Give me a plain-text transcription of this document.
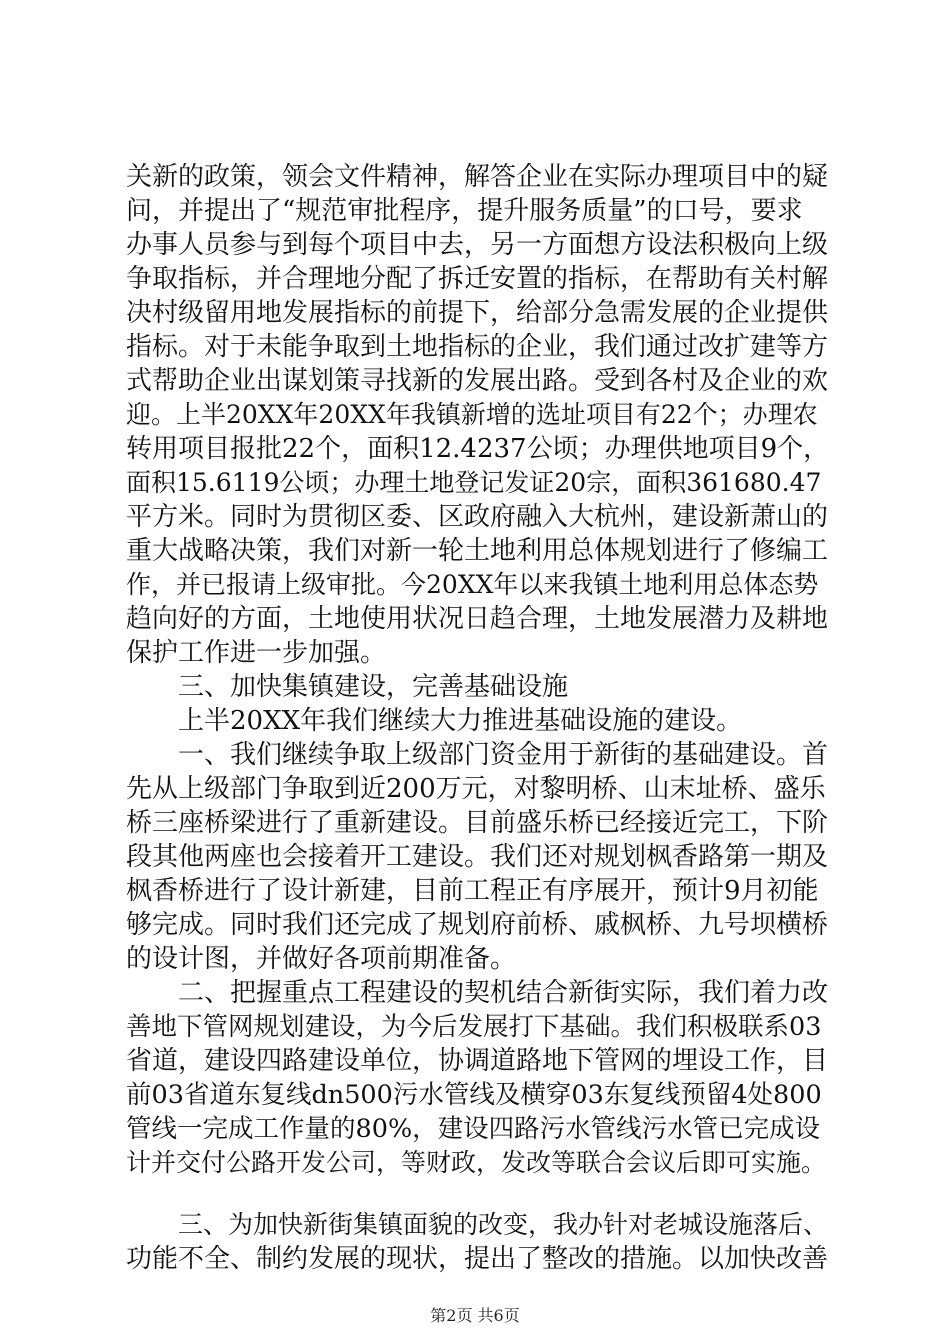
关新的政策，领会文件精神，解答企业在实际办理项目中的疑
问，并提出了“规范审批程序，提升服务质量”的口号，要求
办事人员参与到每个项目中去，另一方面想方设法积极向上级
争取指标，并合理地分配了拆迁安置的指标，在帮助有关村解
决村级留用地发展指标的前提下，给部分急需发展的企业提供
指标。对于未能争取到土地指标的企业，我们通过改扩建等方
式帮助企业出谋划策寻找新的发展出路。受到各村及企业的欢
迎。上半20XX年20XX年我镇新增的选址项目有22个；办理农
转用项目报批22个，面积12.4237公顷；办理供地项目9个，
面积15.6119公顷；办理土地登记发证20宗，面积361680.47
平方米。同时为贯彻区委、区政府融入大杭州，建设新萧山的
重大战略决策，我们对新一轮土地利用总体规划进行了修编工
作，并已报请上级审批。今20XX年以来我镇土地利用总体态势
趋向好的方面，土地使用状况日趋合理，土地发展潜力及耕地
保护工作进一步加强。
三、加快集镇建设，完善基础设施
上半20XX年我们继续大力推进基础设施的建设。
一、我们继续争取上级部门资金用于新街的基础建设。首
先从上级部门争取到近200万元，对黎明桥、山末址桥、盛乐
桥三座桥梁进行了重新建设。目前盛乐桥已经接近完工，下阶
段其他两座也会接着开工建设。我们还对规划枫香路第一期及
枫香桥进行了设计新建，目前工程正有序展开，预计9月初能
够完成。同时我们还完成了规划府前桥、戚枫桥、九号坝横桥
的设计图，并做好各项前期准备。
二、把握重点工程建设的契机结合新街实际，我们着力改
善地下管网规划建设，为今后发展打下基础。我们积极联系03
省道，建设四路建设单位，协调道路地下管网的埋设工作，目
前03省道东复线dn500污水管线及横穿03东复线预留4处800
管线一完成工作量的80%，建设四路污水管线污水管已完成设
计并交付公路开发公司，等财政，发改等联合会议后即可实施。
三、为加快新街集镇面貌的改变，我办针对老城设施落后、
功能不全、制约发展的现状，提出了整改的措施。以加快改善
第2页 共6页
